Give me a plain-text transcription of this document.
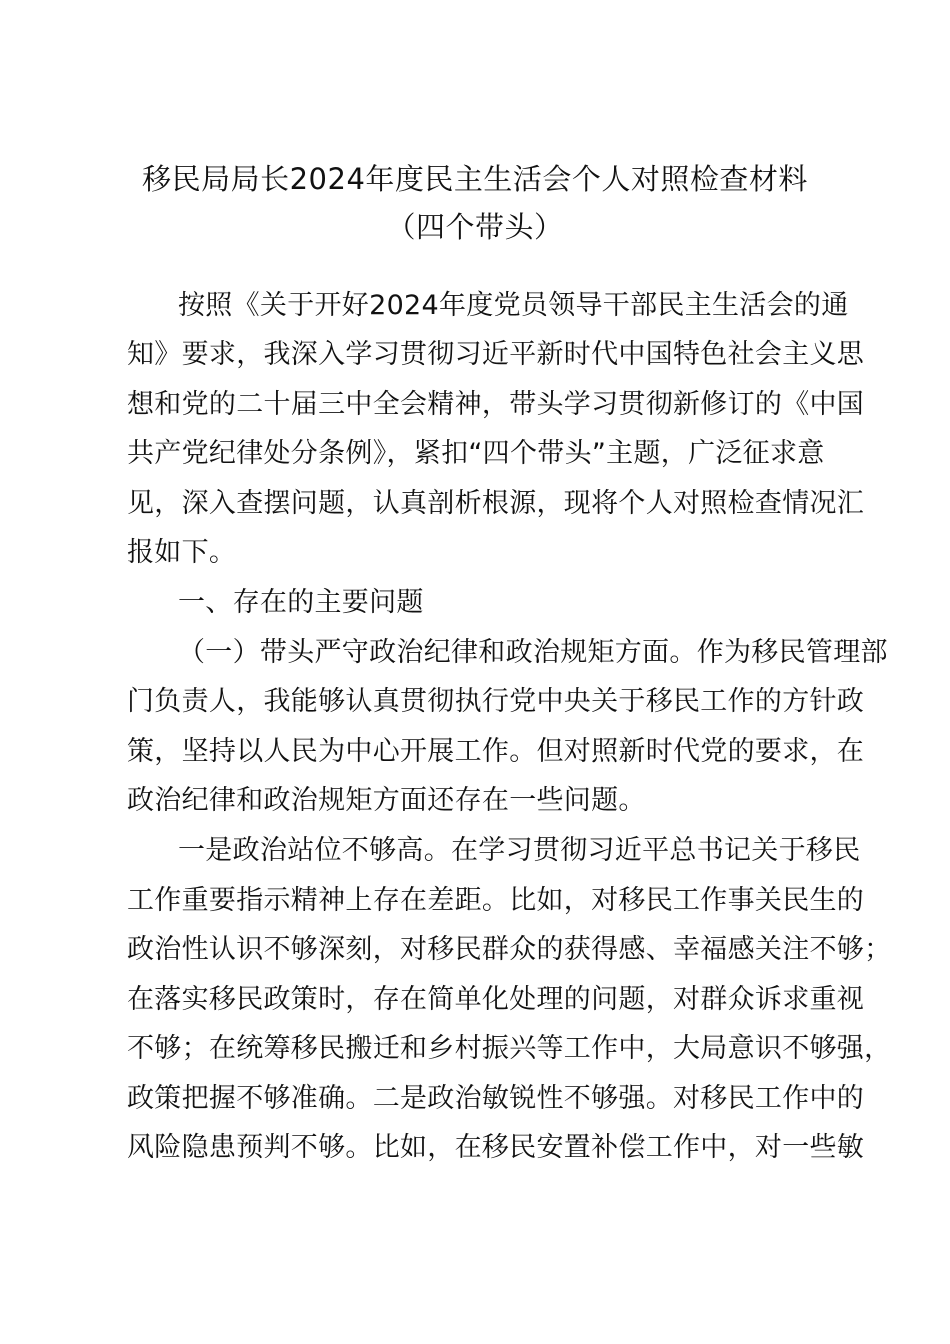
移民局局长2024年度民主生活会个人对照检查材料
（四个带头）
按照《关于开好2024年度党员领导干部民主生活会的通
知》要求，我深入学习贯彻习近平新时代中国特色社会主义思
想和党的二十届三中全会精神，带头学习贯彻新修订的《中国
共产党纪律处分条例》，紧扣“四个带头”主题，广泛征求意
见，深入查摆问题，认真剖析根源，现将个人对照检查情况汇
报如下。
一、存在的主要问题
（一）带头严守政治纪律和政治规矩方面。作为移民管理部
门负责人，我能够认真贯彻执行党中央关于移民工作的方针政
策，坚持以人民为中心开展工作。但对照新时代党的要求，在
政治纪律和政治规矩方面还存在一些问题。
一是政治站位不够高。在学习贯彻习近平总书记关于移民
工作重要指示精神上存在差距。比如，对移民工作事关民生的
政治性认识不够深刻，对移民群众的获得感、幸福感关注不够；
在落实移民政策时，存在简单化处理的问题，对群众诉求重视
不够；在统筹移民搬迁和乡村振兴等工作中，大局意识不够强，
政策把握不够准确。二是政治敏锐性不够强。对移民工作中的
风险隐患预判不够。比如，在移民安置补偿工作中，对一些敏
